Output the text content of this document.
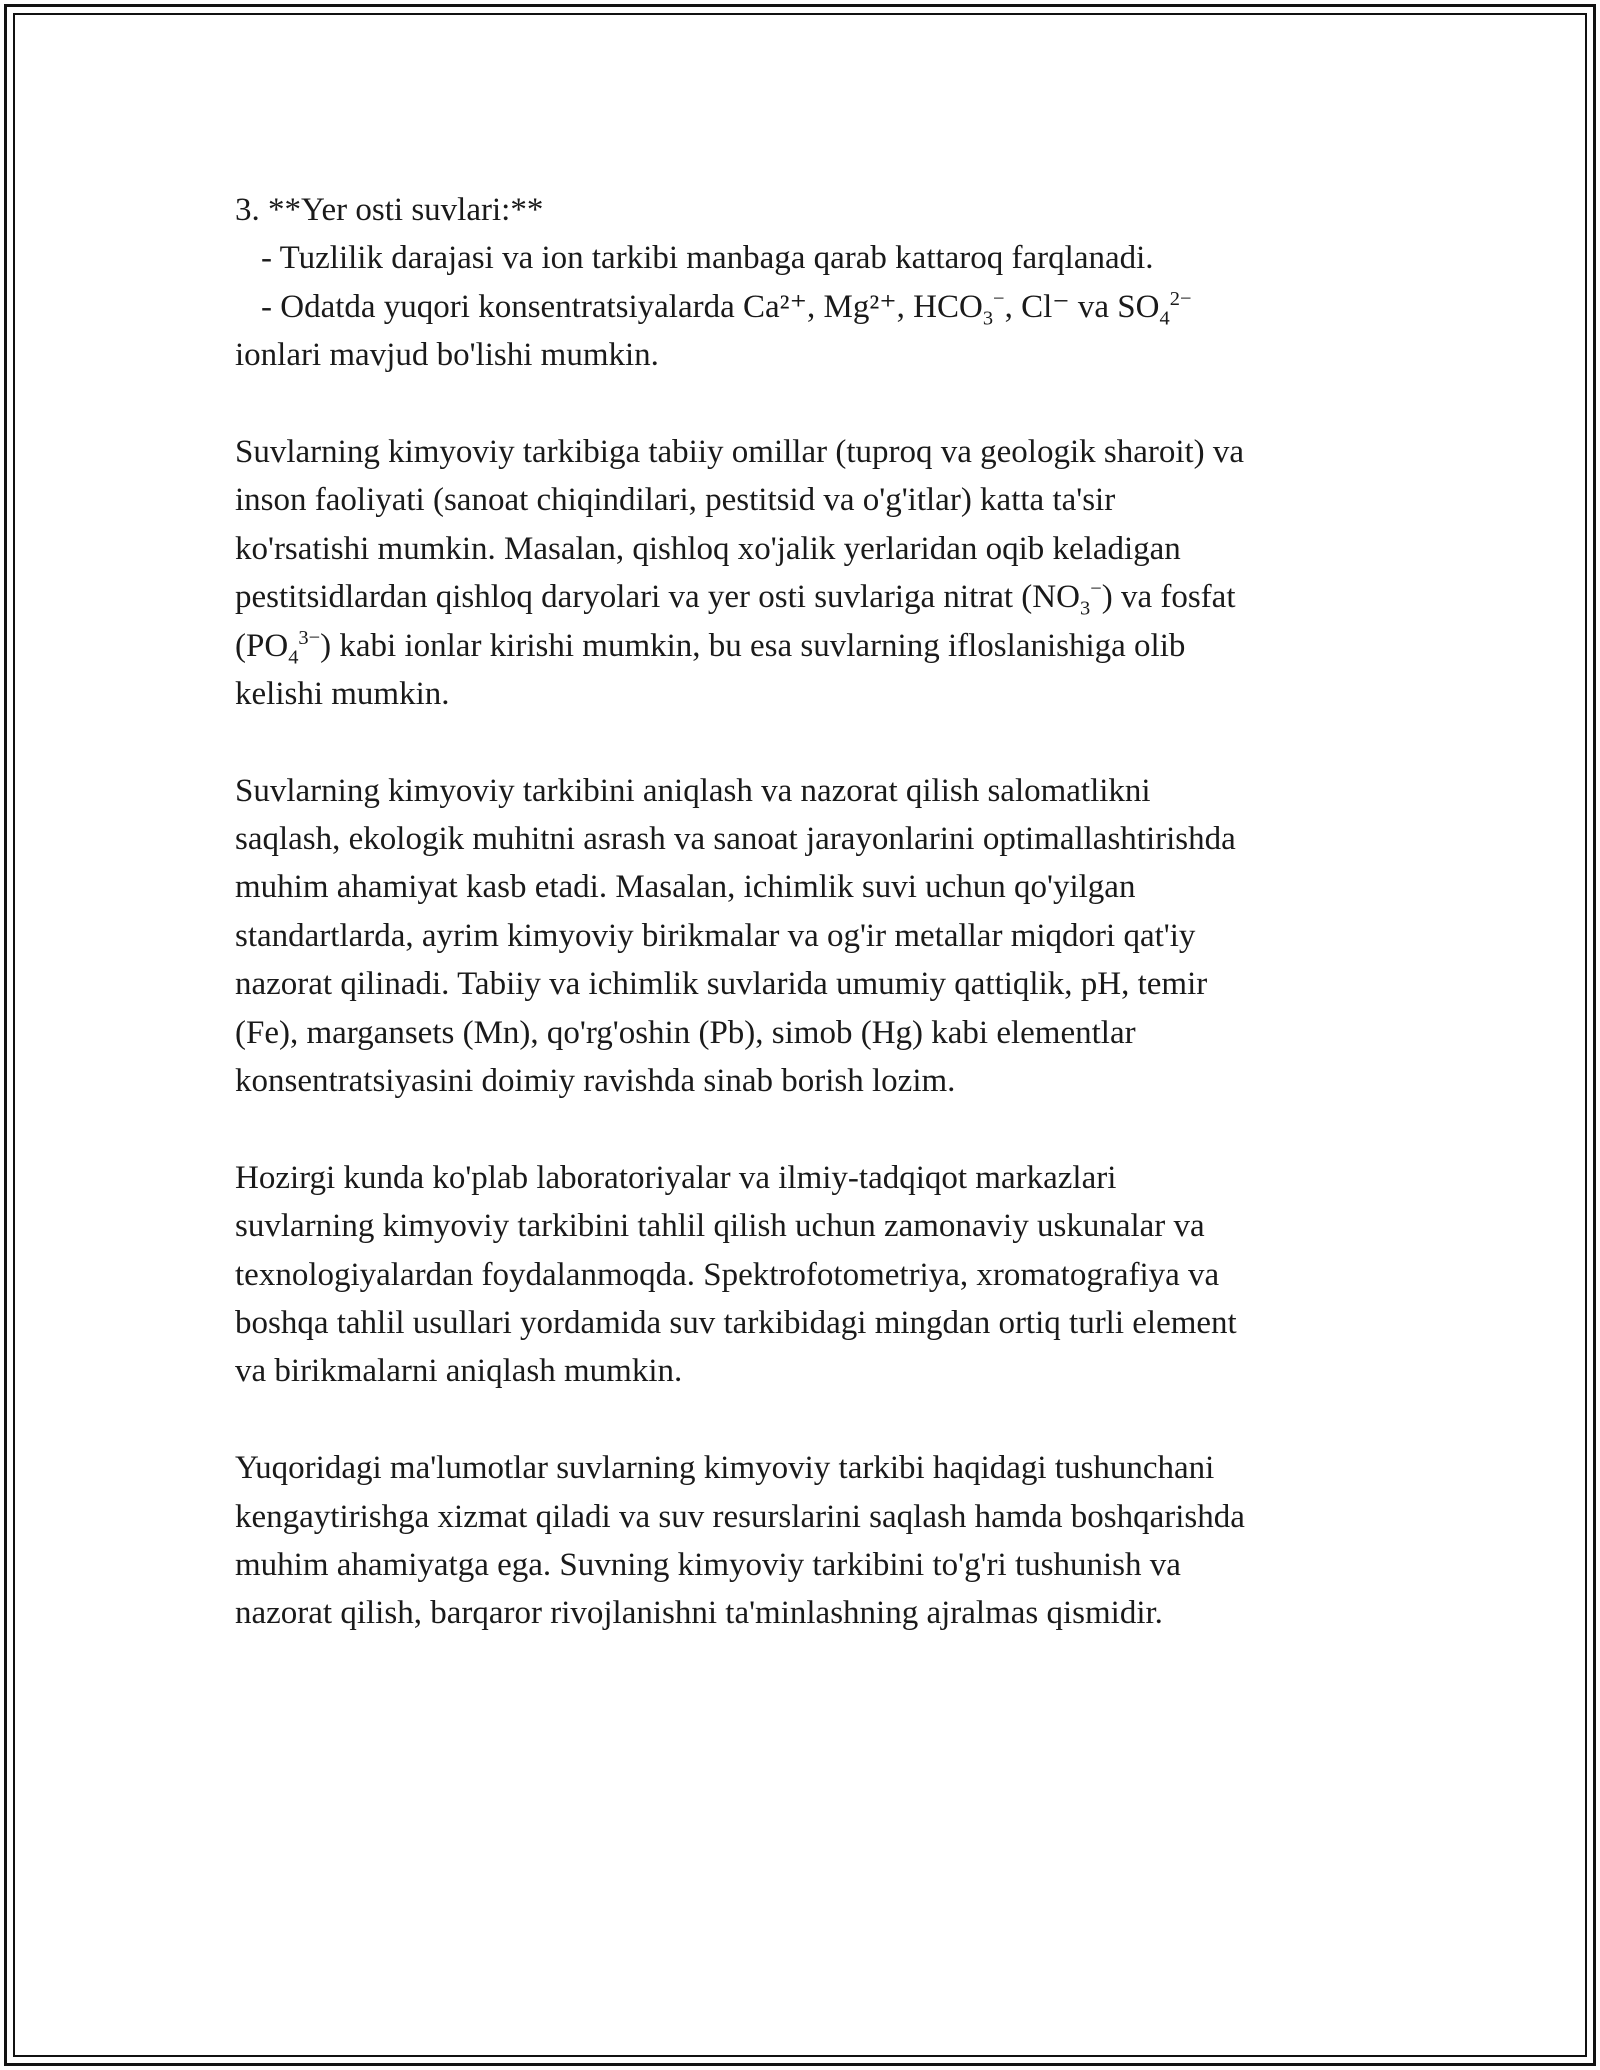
3. **Yer osti suvlari:**
- Tuzlilik darajasi va ion tarkibi manbaga qarab kattaroq farqlanadi.
- Odatda yuqori konsentratsiyalarda Ca²⁺, Mg²⁺, $HCO_3^-$, Cl⁻ va $SO_4^{2-}$
ionlari mavjud bo'lishi mumkin.
Suvlarning kimyoviy tarkibiga tabiiy omillar (tuproq va geologik sharoit) va
inson faoliyati (sanoat chiqindilari, pestitsid va o'g'itlar) katta ta'sir
ko'rsatishi mumkin. Masalan, qishloq xo'jalik yerlaridan oqib keladigan
pestitsidlardan qishloq daryolari va yer osti suvlariga nitrat $(NO_3^-)$ va fosfat
$(PO_4^{3-})$ kabi ionlar kirishi mumkin, bu esa suvlarning ifloslanishiga olib
kelishi mumkin.
Suvlarning kimyoviy tarkibini aniqlash va nazorat qilish salomatlikni
saqlash, ekologik muhitni asrash va sanoat jarayonlarini optimallashtirishda
muhim ahamiyat kasb etadi. Masalan, ichimlik suvi uchun qo'yilgan
standartlarda, ayrim kimyoviy birikmalar va og'ir metallar miqdori qat'iy
nazorat qilinadi. Tabiiy va ichimlik suvlarida umumiy qattiqlik, pH, temir
(Fe), margansets (Mn), qo'rg'oshin (Pb), simob (Hg) kabi elementlar
konsentratsiyasini doimiy ravishda sinab borish lozim.
Hozirgi kunda ko'plab laboratoriyalar va ilmiy-tadqiqot markazlari
suvlarning kimyoviy tarkibini tahlil qilish uchun zamonaviy uskunalar va
texnologiyalardan foydalanmoqda. Spektrofotometriya, xromatografiya va
boshqa tahlil usullari yordamida suv tarkibidagi mingdan ortiq turli element
va birikmalarni aniqlash mumkin.
Yuqoridagi ma'lumotlar suvlarning kimyoviy tarkibi haqidagi tushunchani
kengaytirishga xizmat qiladi va suv resurslarini saqlash hamda boshqarishda
muhim ahamiyatga ega. Suvning kimyoviy tarkibini to'g'ri tushunish va
nazorat qilish, barqaror rivojlanishni ta'minlashning ajralmas qismidir.
